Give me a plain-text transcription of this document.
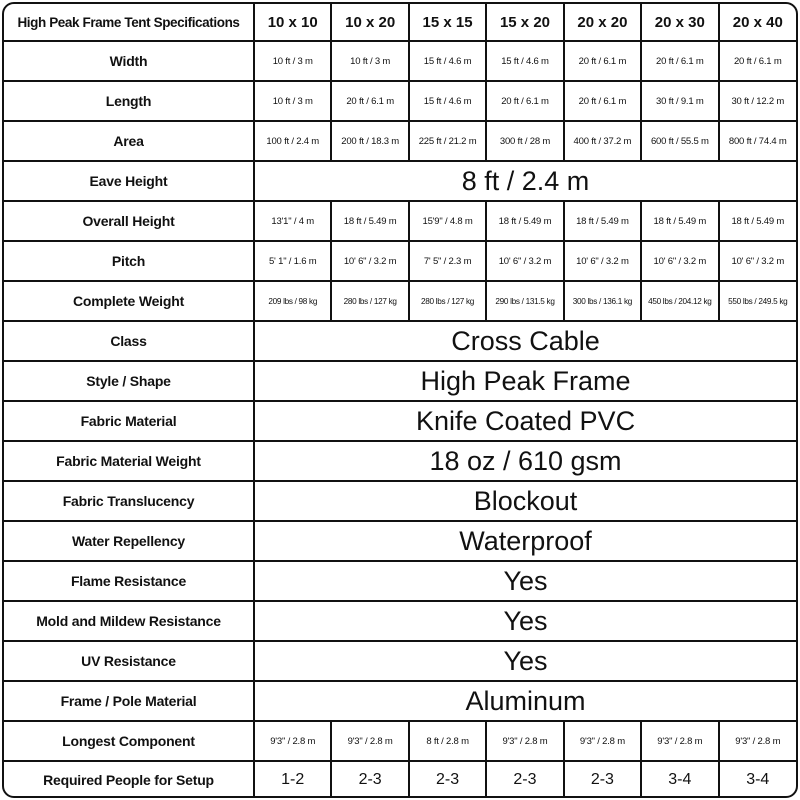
High Peak Frame Tent Specifications	10 x 10	10 x 20	15 x 15	15 x 20	20 x 20	20 x 30	20 x 40
Width	10 ft / 3 m	10 ft / 3 m	15 ft / 4.6 m	15 ft / 4.6 m	20 ft / 6.1 m	20 ft / 6.1 m	20 ft / 6.1 m
Length	10 ft / 3 m	20 ft / 6.1 m	15 ft / 4.6 m	20 ft / 6.1 m	20 ft / 6.1 m	30 ft / 9.1 m	30 ft / 12.2 m
Area	100 ft / 2.4 m	200 ft / 18.3 m	225 ft / 21.2 m	300 ft / 28 m	400 ft / 37.2 m	600 ft / 55.5 m	800 ft / 74.4 m
Eave Height	8 ft / 2.4 m						
Overall Height	13'1" / 4 m	18 ft / 5.49 m	15'9" / 4.8 m	18 ft / 5.49 m	18 ft / 5.49 m	18 ft / 5.49 m	18 ft / 5.49 m
Pitch	5' 1" / 1.6 m	10' 6" / 3.2 m	7' 5" / 2.3 m	10' 6" / 3.2 m	10' 6" / 3.2 m	10' 6" / 3.2 m	10' 6" / 3.2 m
Complete Weight	209 lbs / 98 kg	280 lbs / 127 kg	280 lbs / 127 kg	290 lbs / 131.5 kg	300 lbs / 136.1 kg	450 lbs / 204.12 kg	550 lbs / 249.5 kg
Class	Cross Cable						
Style / Shape	High Peak Frame						
Fabric Material	Knife Coated PVC						
Fabric Material Weight	18 oz / 610 gsm						
Fabric Translucency	Blockout						
Water Repellency	Waterproof						
Flame Resistance	Yes						
Mold and Mildew Resistance	Yes						
UV Resistance	Yes						
Frame / Pole Material	Aluminum						
Longest Component	9'3" / 2.8 m	9'3" / 2.8 m	8 ft / 2.8 m	9'3" / 2.8 m	9'3" / 2.8 m	9'3" / 2.8 m	9'3" / 2.8 m
Required People for Setup	1-2	2-3	2-3	2-3	2-3	3-4	3-4
